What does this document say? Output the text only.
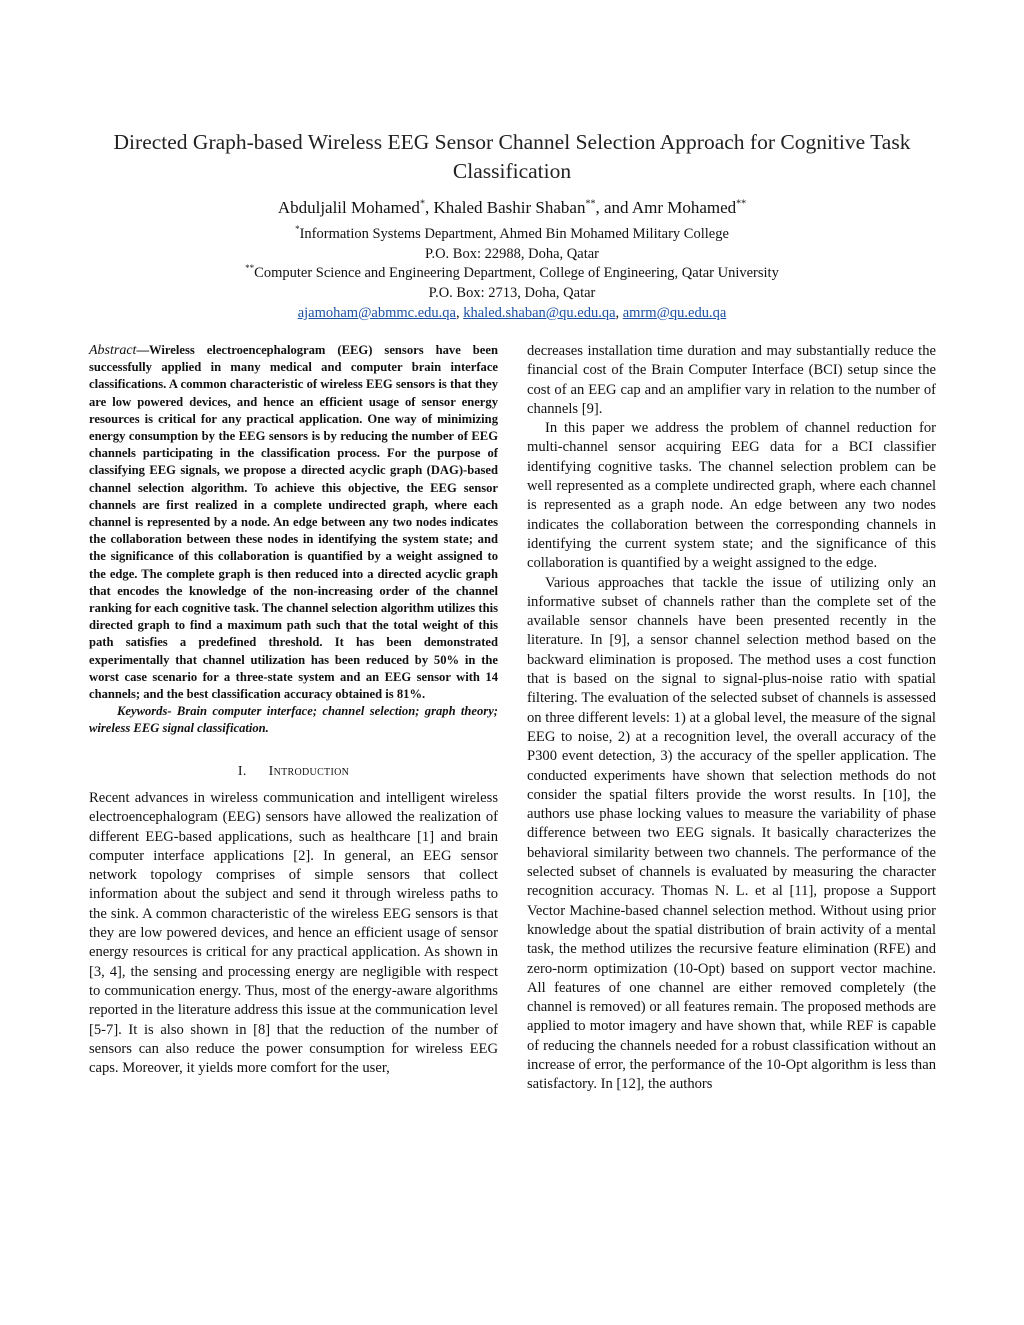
Directed Graph-based Wireless EEG Sensor Channel Selection Approach for Cognitive Task Classification
Abduljalil Mohamed*, Khaled Bashir Shaban**, and Amr Mohamed**
*Information Systems Department, Ahmed Bin Mohamed Military College
P.O. Box: 22988, Doha, Qatar
**Computer Science and Engineering Department, College of Engineering, Qatar University
P.O. Box: 2713, Doha, Qatar
ajamoham@abmmc.edu.qa, khaled.shaban@qu.edu.qa, amrm@qu.edu.qa

Abstract—Wireless electroencephalogram (EEG) sensors have been successfully applied in many medical and computer brain interface classifications. A common characteristic of wireless EEG sensors is that they are low powered devices, and hence an efficient usage of sensor energy resources is critical for any practical application. One way of minimizing energy consumption by the EEG sensors is by reducing the number of EEG channels participating in the classification process. For the purpose of classifying EEG signals, we propose a directed acyclic graph (DAG)-based channel selection algorithm. To achieve this objective, the EEG sensor channels are first realized in a complete undirected graph, where each channel is represented by a node. An edge between any two nodes indicates the collaboration between these nodes in identifying the system state; and the significance of this collaboration is quantified by a weight assigned to the edge. The complete graph is then reduced into a directed acyclic graph that encodes the knowledge of the non-increasing order of the channel ranking for each cognitive task. The channel selection algorithm utilizes this directed graph to find a maximum path such that the total weight of this path satisfies a predefined threshold. It has been demonstrated experimentally that channel utilization has been reduced by 50% in the worst case scenario for a three-state system and an EEG sensor with 14 channels; and the best classification accuracy obtained is 81%.

Keywords- Brain computer interface; channel selection; graph theory; wireless EEG signal classification.

I. Introduction

Recent advances in wireless communication and intelligent wireless electroencephalogram (EEG) sensors have allowed the realization of different EEG-based applications, such as healthcare [1] and brain computer interface applications [2]. In general, an EEG sensor network topology comprises of simple sensors that collect information about the subject and send it through wireless paths to the sink. A common characteristic of the wireless EEG sensors is that they are low powered devices, and hence an efficient usage of sensor energy resources is critical for any practical application. As shown in [3, 4], the sensing and processing energy are negligible with respect to communication energy. Thus, most of the energy-aware algorithms reported in the literature address this issue at the communication level [5-7]. It is also shown in [8] that the reduction of the number of sensors can also reduce the power consumption for wireless EEG caps. Moreover, it yields more comfort for the user,

decreases installation time duration and may substantially reduce the financial cost of the Brain Computer Interface (BCI) setup since the cost of an EEG cap and an amplifier vary in relation to the number of channels [9].

In this paper we address the problem of channel reduction for multi-channel sensor acquiring EEG data for a BCI classifier identifying cognitive tasks. The channel selection problem can be well represented as a complete undirected graph, where each channel is represented as a graph node. An edge between any two nodes indicates the collaboration between the corresponding channels in identifying the current system state; and the significance of this collaboration is quantified by a weight assigned to the edge.

Various approaches that tackle the issue of utilizing only an informative subset of channels rather than the complete set of the available sensor channels have been presented recently in the literature. In [9], a sensor channel selection method based on the backward elimination is proposed. The method uses a cost function that is based on the signal to signal-plus-noise ratio with spatial filtering. The evaluation of the selected subset of channels is assessed on three different levels: 1) at a global level, the measure of the signal EEG to noise, 2) at a recognition level, the overall accuracy of the P300 event detection, 3) the accuracy of the speller application. The conducted experiments have shown that selection methods do not consider the spatial filters provide the worst results. In [10], the authors use phase locking values to measure the variability of phase difference between two EEG signals. It basically characterizes the behavioral similarity between two channels. The performance of the selected subset of channels is evaluated by measuring the character recognition accuracy. Thomas N. L. et al [11], propose a Support Vector Machine-based channel selection method. Without using prior knowledge about the spatial distribution of brain activity of a mental task, the method utilizes the recursive feature elimination (RFE) and zero-norm optimization (10-Opt) based on support vector machine. All features of one channel are either removed completely (the channel is removed) or all features remain. The proposed methods are applied to motor imagery and have shown that, while REF is capable of reducing the channels needed for a robust classification without an increase of error, the performance of the 10-Opt algorithm is less than satisfactory. In [12], the authors
